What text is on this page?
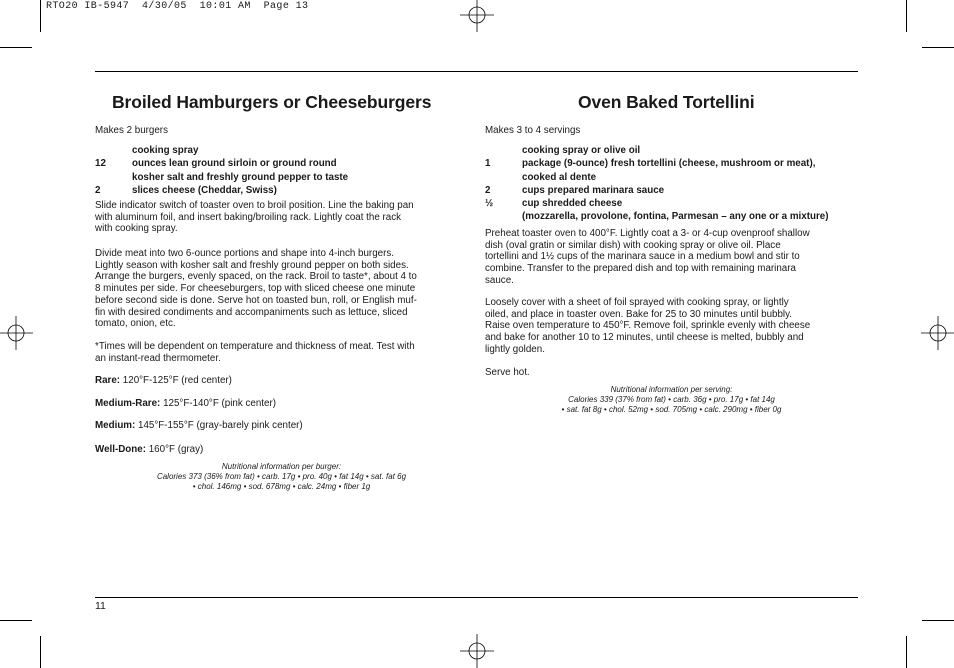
RTO20 IB-5947  4/30/05  10:01 AM  Page 13
Broiled Hamburgers or Cheeseburgers
Makes 2 burgers
cooking spray
12	ounces lean ground sirloin or ground round
kosher salt and freshly ground pepper to taste
2	slices cheese (Cheddar, Swiss)
Slide indicator switch of toaster oven to broil position. Line the baking pan
with aluminum foil, and insert baking/broiling rack. Lightly coat the rack
with cooking spray.
Divide meat into two 6-ounce portions and shape into 4-inch burgers.
Lightly season with kosher salt and freshly ground pepper on both sides.
Arrange the burgers, evenly spaced, on the rack. Broil to taste*, about 4 to
8 minutes per side. For cheeseburgers, top with sliced cheese one minute
before second side is done. Serve hot on toasted bun, roll, or English muf-
fin with desired condiments and accompaniments such as lettuce, sliced
tomato, onion, etc.
*Times will be dependent on temperature and thickness of meat. Test with
an instant-read thermometer.
Rare: 120°F-125°F (red center)
Medium-Rare: 125°F-140°F (pink center)
Medium: 145°F-155°F (gray-barely pink center)
Well-Done: 160°F (gray)
Nutritional information per burger:
Calories 373 (36% from fat) • carb. 17g • pro. 40g • fat 14g • sat. fat 6g
• chol. 146mg • sod. 678mg • calc. 24mg • fiber 1g
Oven Baked Tortellini
Makes 3 to 4 servings
cooking spray or olive oil
1	package (9-ounce) fresh tortellini (cheese, mushroom or meat),
cooked al dente
2	cups prepared marinara sauce
½	cup shredded cheese
(mozzarella, provolone, fontina, Parmesan – any one or a mixture)
Preheat toaster oven to 400°F. Lightly coat a 3- or 4-cup ovenproof shallow
dish (oval gratin or similar dish) with cooking spray or olive oil. Place
tortellini and 1½ cups of the marinara sauce in a medium bowl and stir to
combine. Transfer to the prepared dish and top with remaining marinara
sauce.
Loosely cover with a sheet of foil sprayed with cooking spray, or lightly
oiled, and place in toaster oven. Bake for 25 to 30 minutes until bubbly.
Raise oven temperature to 450°F. Remove foil, sprinkle evenly with cheese
and bake for another 10 to 12 minutes, until cheese is melted, bubbly and
lightly golden.
Serve hot.
Nutritional information per serving:
Calories 339 (37% from fat) • carb. 36g • pro. 17g • fat 14g
• sat. fat 8g • chol. 52mg • sod. 705mg • calc. 290mg • fiber 0g
11
